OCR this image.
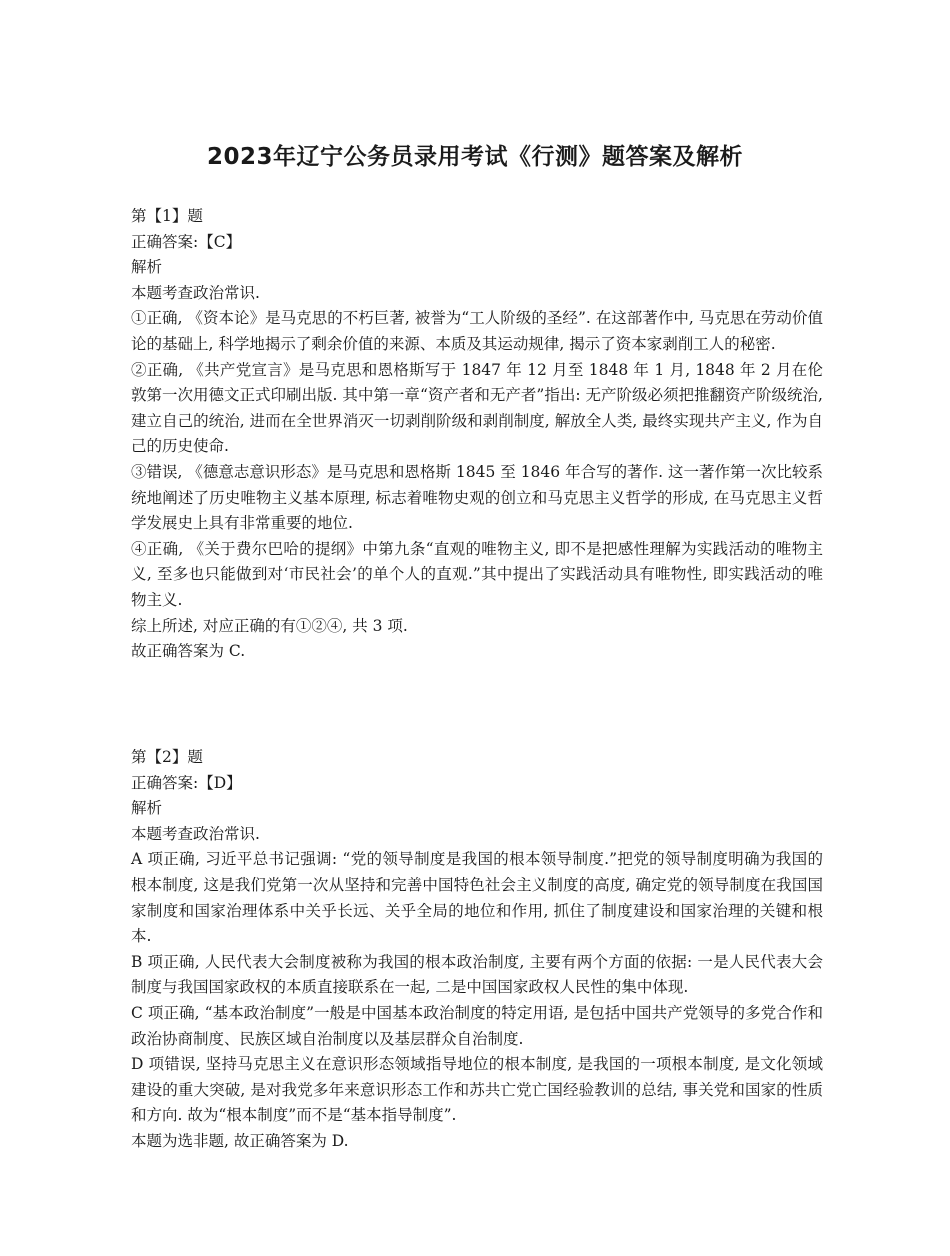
2023年辽宁公务员录用考试《行测》题答案及解析

第【1】题

正确答案:【C】

解析

本题考查政治常识.

①正确, 《资本论》是马克思的不朽巨著, 被誉为“工人阶级的圣经”. 在这部著作中, 马克思在劳动价值论的基础上, 科学地揭示了剩余价值的来源、本质及其运动规律, 揭示了资本家剥削工人的秘密.

②正确, 《共产党宣言》是马克思和恩格斯写于 1847 年 12 月至 1848 年 1 月, 1848 年 2 月在伦敦第一次用德文正式印刷出版. 其中第一章“资产者和无产者”指出: 无产阶级必须把推翻资产阶级统治, 建立自己的统治, 进而在全世界消灭一切剥削阶级和剥削制度, 解放全人类, 最终实现共产主义, 作为自己的历史使命.

③错误, 《德意志意识形态》是马克思和恩格斯 1845 至 1846 年合写的著作. 这一著作第一次比较系统地阐述了历史唯物主义基本原理, 标志着唯物史观的创立和马克思主义哲学的形成, 在马克思主义哲学发展史上具有非常重要的地位.

④正确, 《关于费尔巴哈的提纲》中第九条“直观的唯物主义, 即不是把感性理解为实践活动的唯物主义, 至多也只能做到对‘市民社会’的单个人的直观.”其中提出了实践活动具有唯物性, 即实践活动的唯物主义.

综上所述, 对应正确的有①②④, 共 3 项.

故正确答案为 C.

第【2】题

正确答案:【D】

解析

本题考查政治常识.

A 项正确, 习近平总书记强调: “党的领导制度是我国的根本领导制度.”把党的领导制度明确为我国的根本制度, 这是我们党第一次从坚持和完善中国特色社会主义制度的高度, 确定党的领导制度在我国国家制度和国家治理体系中关乎长远、关乎全局的地位和作用, 抓住了制度建设和国家治理的关键和根本.

B 项正确, 人民代表大会制度被称为我国的根本政治制度, 主要有两个方面的依据: 一是人民代表大会制度与我国国家政权的本质直接联系在一起, 二是中国国家政权人民性的集中体现.

C 项正确, “基本政治制度”一般是中国基本政治制度的特定用语, 是包括中国共产党领导的多党合作和政治协商制度、民族区域自治制度以及基层群众自治制度.

D 项错误, 坚持马克思主义在意识形态领域指导地位的根本制度, 是我国的一项根本制度, 是文化领域建设的重大突破, 是对我党多年来意识形态工作和苏共亡党亡国经验教训的总结, 事关党和国家的性质和方向. 故为“根本制度”而不是“基本指导制度”.

本题为选非题, 故正确答案为 D.
